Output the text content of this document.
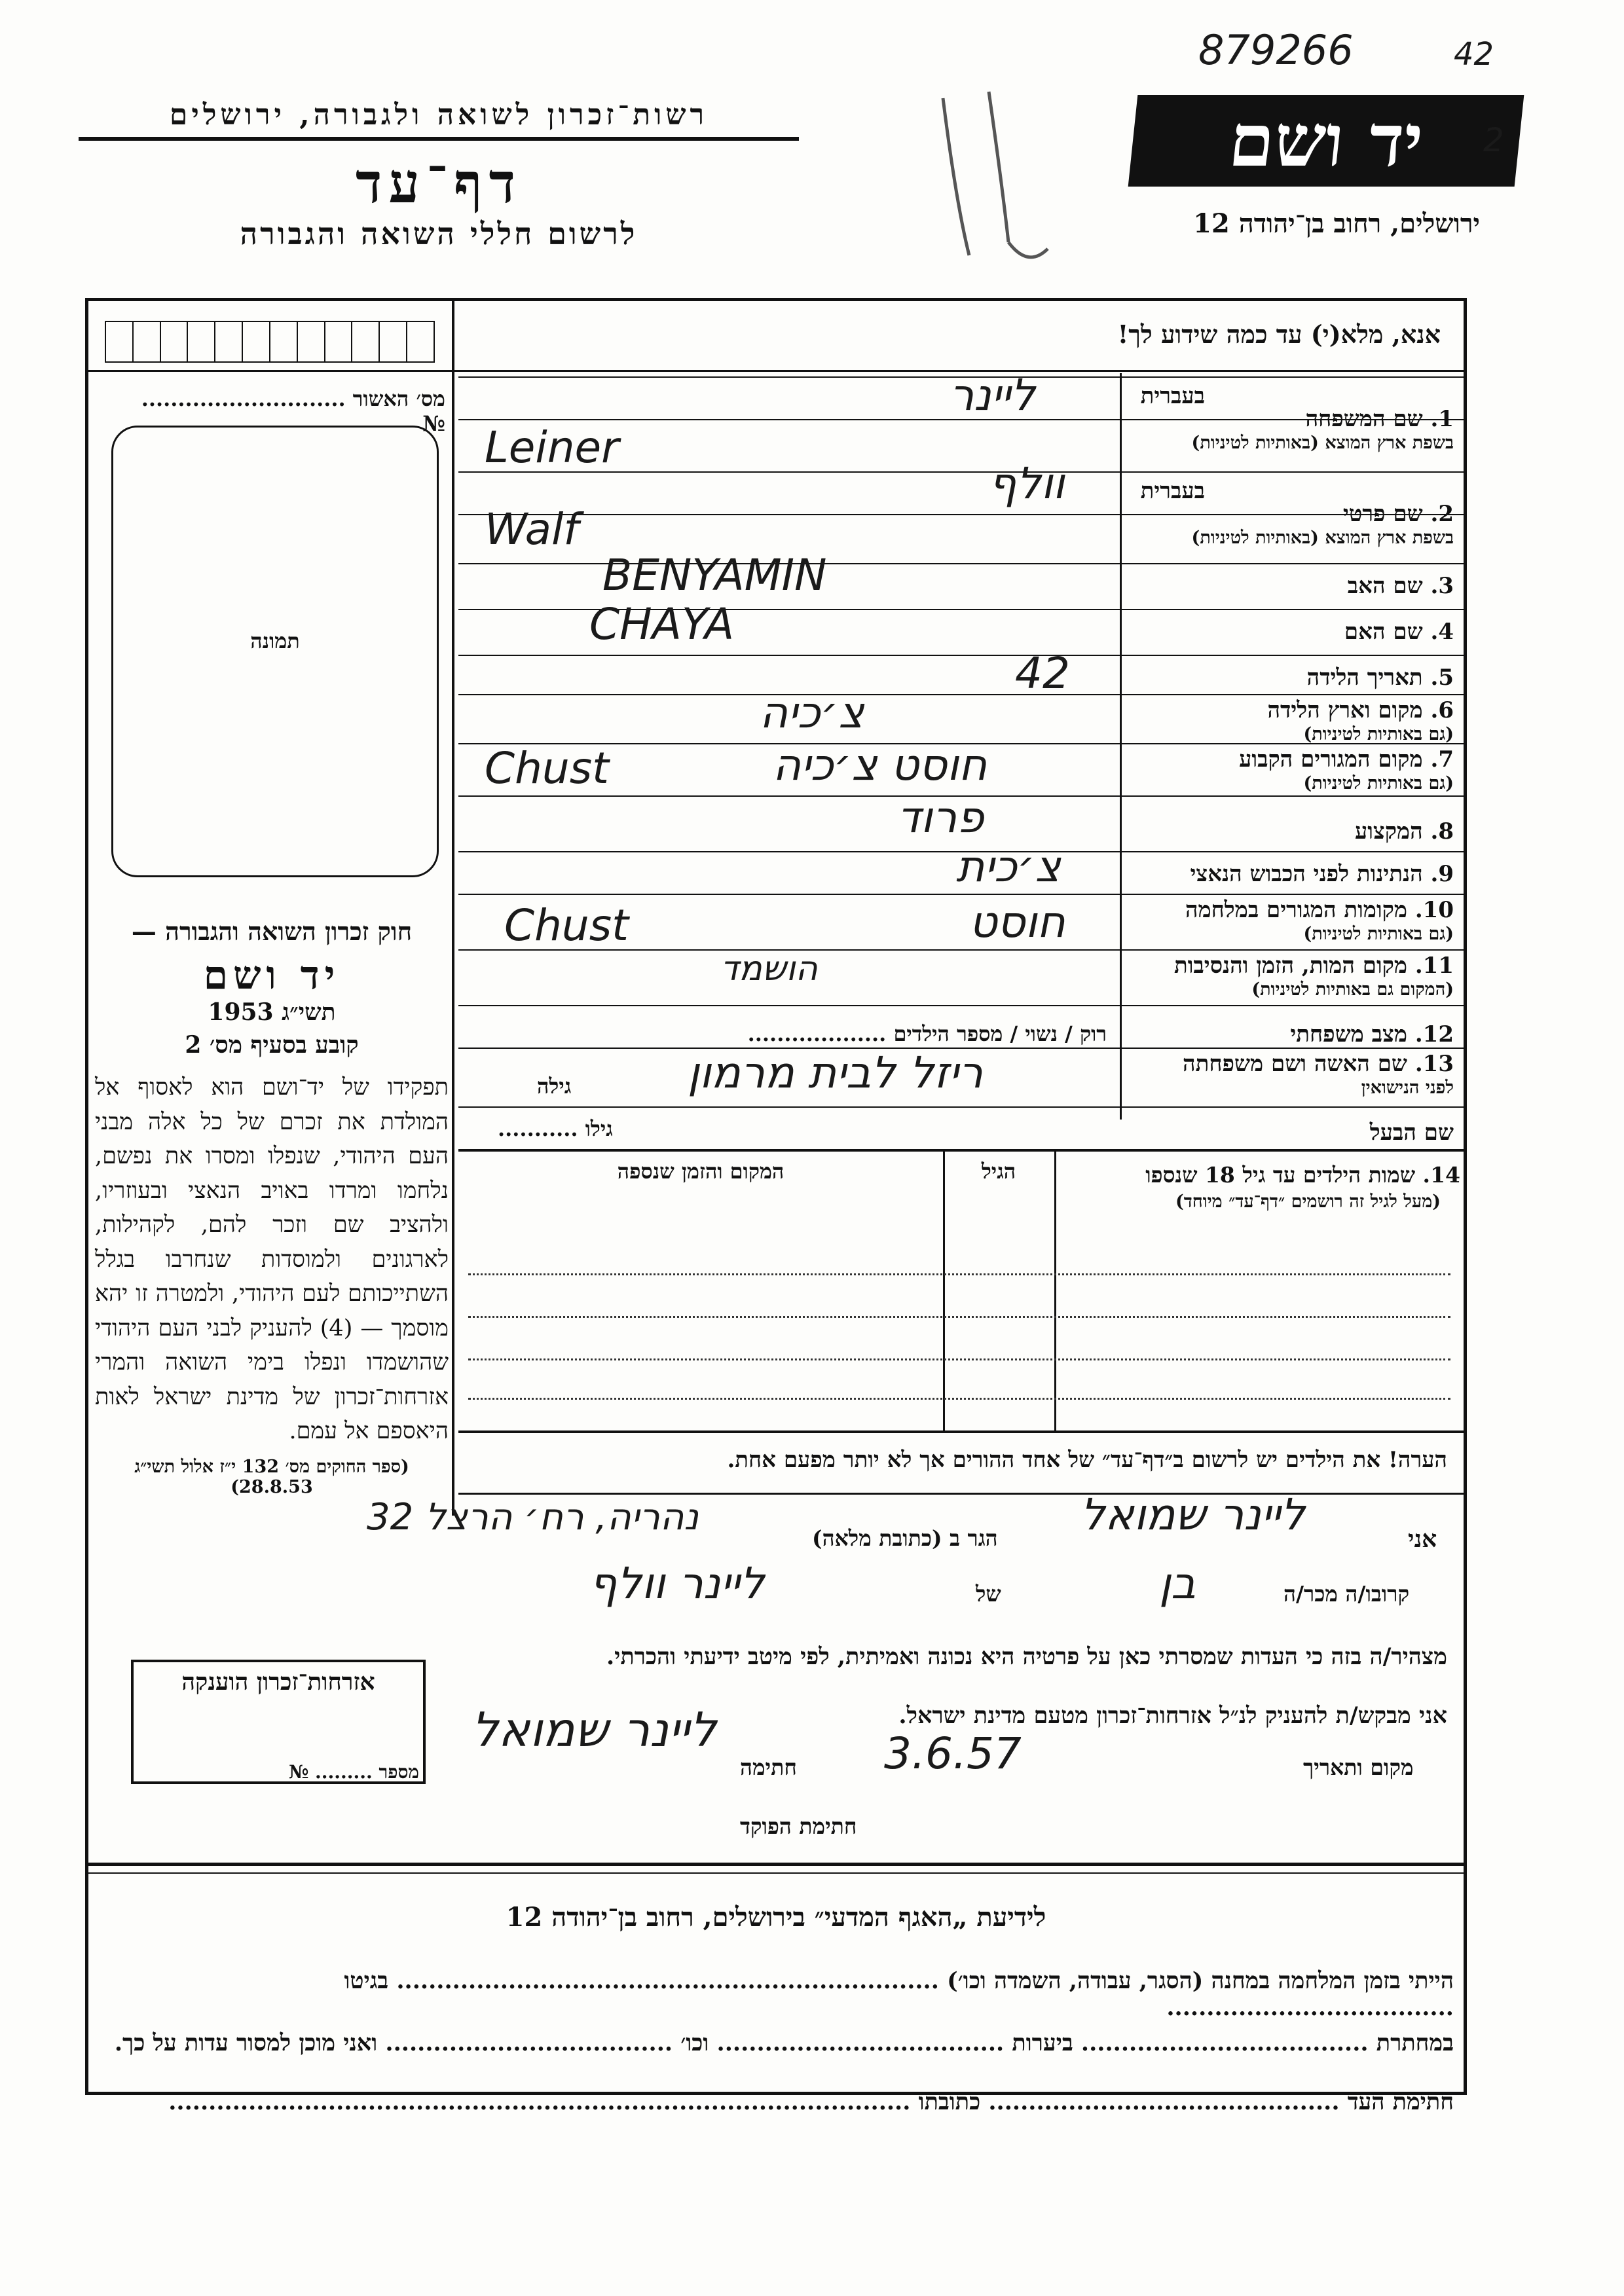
רשות־זכרון לשואה ולגבורה, ירושלים
דף־עד
לרשום חללי השואה והגבורה
יד ושם
ירושלים, רחוב בן־יהודה 12
879266	42
2
אנא, מלא(י) עד כמה שידוע לך!
מס׳ האשור ............................ №
תמונה
חוק זכרון השואה והגבורה —
יד ושם
תשי״ג 1953
קובע בסעיף מס׳ 2
תפקידו של יד־ושם הוא לאסוף אל המולדת את זכרם של כל אלה מבני העם היהודי, שנפלו ומסרו את נפשם, נלחמו ומרדו באויב הנאצי ובעוזריו, ולהציב שם וזכר להם, לקהילות, לארגונים ולמוסדות שנחרבו בגלל השתייכותם לעם היהודי, ולמטרה זו יהא מוסמך — (4) להעניק לבני העם היהודי שהושמדו ונפלו בימי השואה והמרי אזרחות־זכרון של מדינת ישראל לאות היאספם אל עמם.
(ספר החוקים מס׳ 132 י״ז אלול תשי״ג 28.8.53)
אזרחות־זכרון הוענקה
מספר ......... №
בעברית
1. שם המשפחה
בשפת ארץ המוצא (באותיות לטיניות)
ליינר
Leiner
בעברית
2. שם פרטי
בשפת ארץ המוצא (באותיות לטיניות)
וולף
Walf
3. שם האב
BENYAMIN
4. שם האם
CHAYA
5. תאריך הלידה
42
6. מקום וארץ הלידה
(גם באותיות לטיניות)
צ׳כיה
7. מקום המגורים הקבוע
(גם באותיות לטיניות)
Chust	חוסט צ׳כיה
8. המקצוע
פרוד
9. הנתינות לפני הכבוש הנאצי
צ׳כית
10. מקומות המגורים במלחמה
(גם באותיות לטיניות)
Chust	חוסט
11. מקום המות, הזמן והנסיבות
(המקום גם באותיות לטיניות)
הושמד
12. מצב משפחתי
רוק / נשוי / מספר הילדים ...................
13. שם האשה ושם משפחתה
לפני הנישואין
ריזל לבית מרמון
גילה
שם הבעל
גילו ...........
14. שמות הילדים עד גיל 18 שנספו
(מעל לגיל זה רושמים ״דף־עד״ מיוחד)
הגיל
המקום והזמן שנספה
הערה! את הילדים יש לרשום ב״דף־עד״ של אחד ההורים אך לא יותר מפעם אחת.
אני
ליינר שמואל
הגר ב (כתובת מלאה)
נהריה, רח׳ הרצל 32
קרובו/ה מכר/ה
בן
של
ליינר וולף
מצהיר/ה בזה כי העדות שמסרתי כאן על פרטיה היא נכונה ואמיתית, לפי מיטב ידיעתי והכרתי.
אני מבקש/ת להעניק לנ״ל אזרחות־זכרון מטעם מדינת ישראל.
מקום ותאריך
3.6.57
חתימה
ליינר שמואל
חתימת הפוקד
לידיעת „האגף המדעי״ בירושלים, רחוב בן־יהודה 12
הייתי בזמן המלחמה במחנה (הסגר, עבודה, השמדה וכו׳) .................................................................... בגיטו ....................................
במחתרת .................................... ביערות .................................... וכו׳ .................................... ואני מוכן למסור עדות על כך.
חתימת העד ............................................ כתובתו .............................................................................................
